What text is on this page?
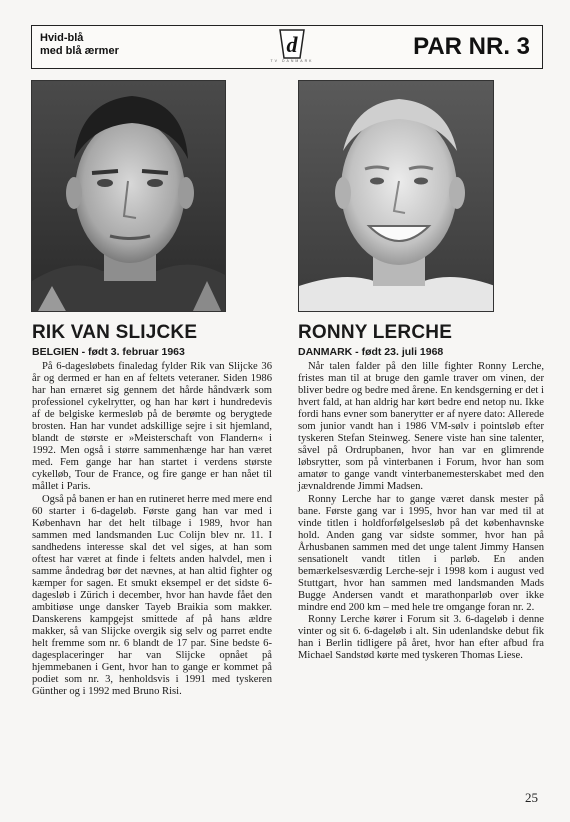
Hvid-blå
med blå ærmer	d
TV DANMARK
PAR NR. 3
RIK VAN SLIJCKE
BELGIEN - født 3. februar 1963

På 6-dagesløbets finaledag fylder Rik van Slijcke 36 år og dermed er han en af feltets veteraner. Siden 1986 har han ernæret sig gennem det hårde håndværk som professionel cykelrytter, og han har kørt i hundredevis af de belgiske kermesløb på de berømte og berygtede brosten. Han har vundet adskillige sejre i sit hjemland, blandt de største er »Meisterschaft von Flandern« i 1992. Men også i større sammenhænge har han været med. Fem gange har han startet i verdens største cykelløb, Tour de France, og fire gange er han nået til mållet i Paris.

Også på banen er han en rutineret herre med mere end 60 starter i 6-dageløb. Første gang han var med i København har det helt tilbage i 1989, hvor han sammen med landsmanden Luc Colijn blev nr. 11. I sandhedens interesse skal det vel siges, at han som oftest har været at finde i feltets anden halvdel, men i samme åndedrag bør det nævnes, at han altid fighter og kæmper for sagen. Et smukt eksempel er det sidste 6-dagesløb i Zürich i december, hvor han havde fået den ambitiøse unge dansker Tayeb Braikia som makker. Danskerens kampgejst smittede af på hans ældre makker, så van Slijcke overgik sig selv og parret endte helt fremme som nr. 6 blandt de 17 par. Sine bedste 6-dagesplaceringer har van Slijcke opnået på hjemmebanen i Gent, hvor han to gange er kommet på podiet som nr. 3, henholdsvis i 1991 med tyskeren Günther og i 1992 med Bruno Risi.

RONNY LERCHE
DANMARK - født 23. juli 1968

Når talen falder på den lille fighter Ronny Lerche, fristes man til at bruge den gamle traver om vinen, der bliver bedre og bedre med årene. En kendsgerning er det i hvert fald, at han aldrig har kørt bedre end netop nu. Ikke fordi hans evner som banerytter er af nyere dato: Allerede som junior vandt han i 1986 VM-sølv i pointsløb efter tyskeren Stefan Steinweg. Senere viste han sine talenter, såvel på Ordrupbanen, hvor han var en glimrende løbsrytter, som på vinterbanen i Forum, hvor han som amatør to gange vandt vinterbanemesterskabet med den jævnaldrende Jimmi Madsen.

Ronny Lerche har to gange været dansk mester på bane. Første gang var i 1995, hvor han var med til at vinde titlen i holdforfølgelsesløb på det københavnske hold. Anden gang var sidste sommer, hvor han på Århusbanen sammen med det unge talent Jimmy Hansen sensationelt vandt titlen i parløb. En anden bemærkelsesværdig Lerche-sejr i 1998 kom i august ved Stuttgart, hvor han sammen med landsmanden Mads Bugge Andersen vandt et marathonparløb over ikke mindre end 200 km – med hele tre omgange foran nr. 2.

Ronny Lerche kører i Forum sit 3. 6-dageløb i denne vinter og sit 6. 6-dageløb i alt. Sin udenlandske debut fik han i Berlin tidligere på året, hvor han efter afbud fra Michael Sandstød kørte med tyskeren Thomas Liese.

25
